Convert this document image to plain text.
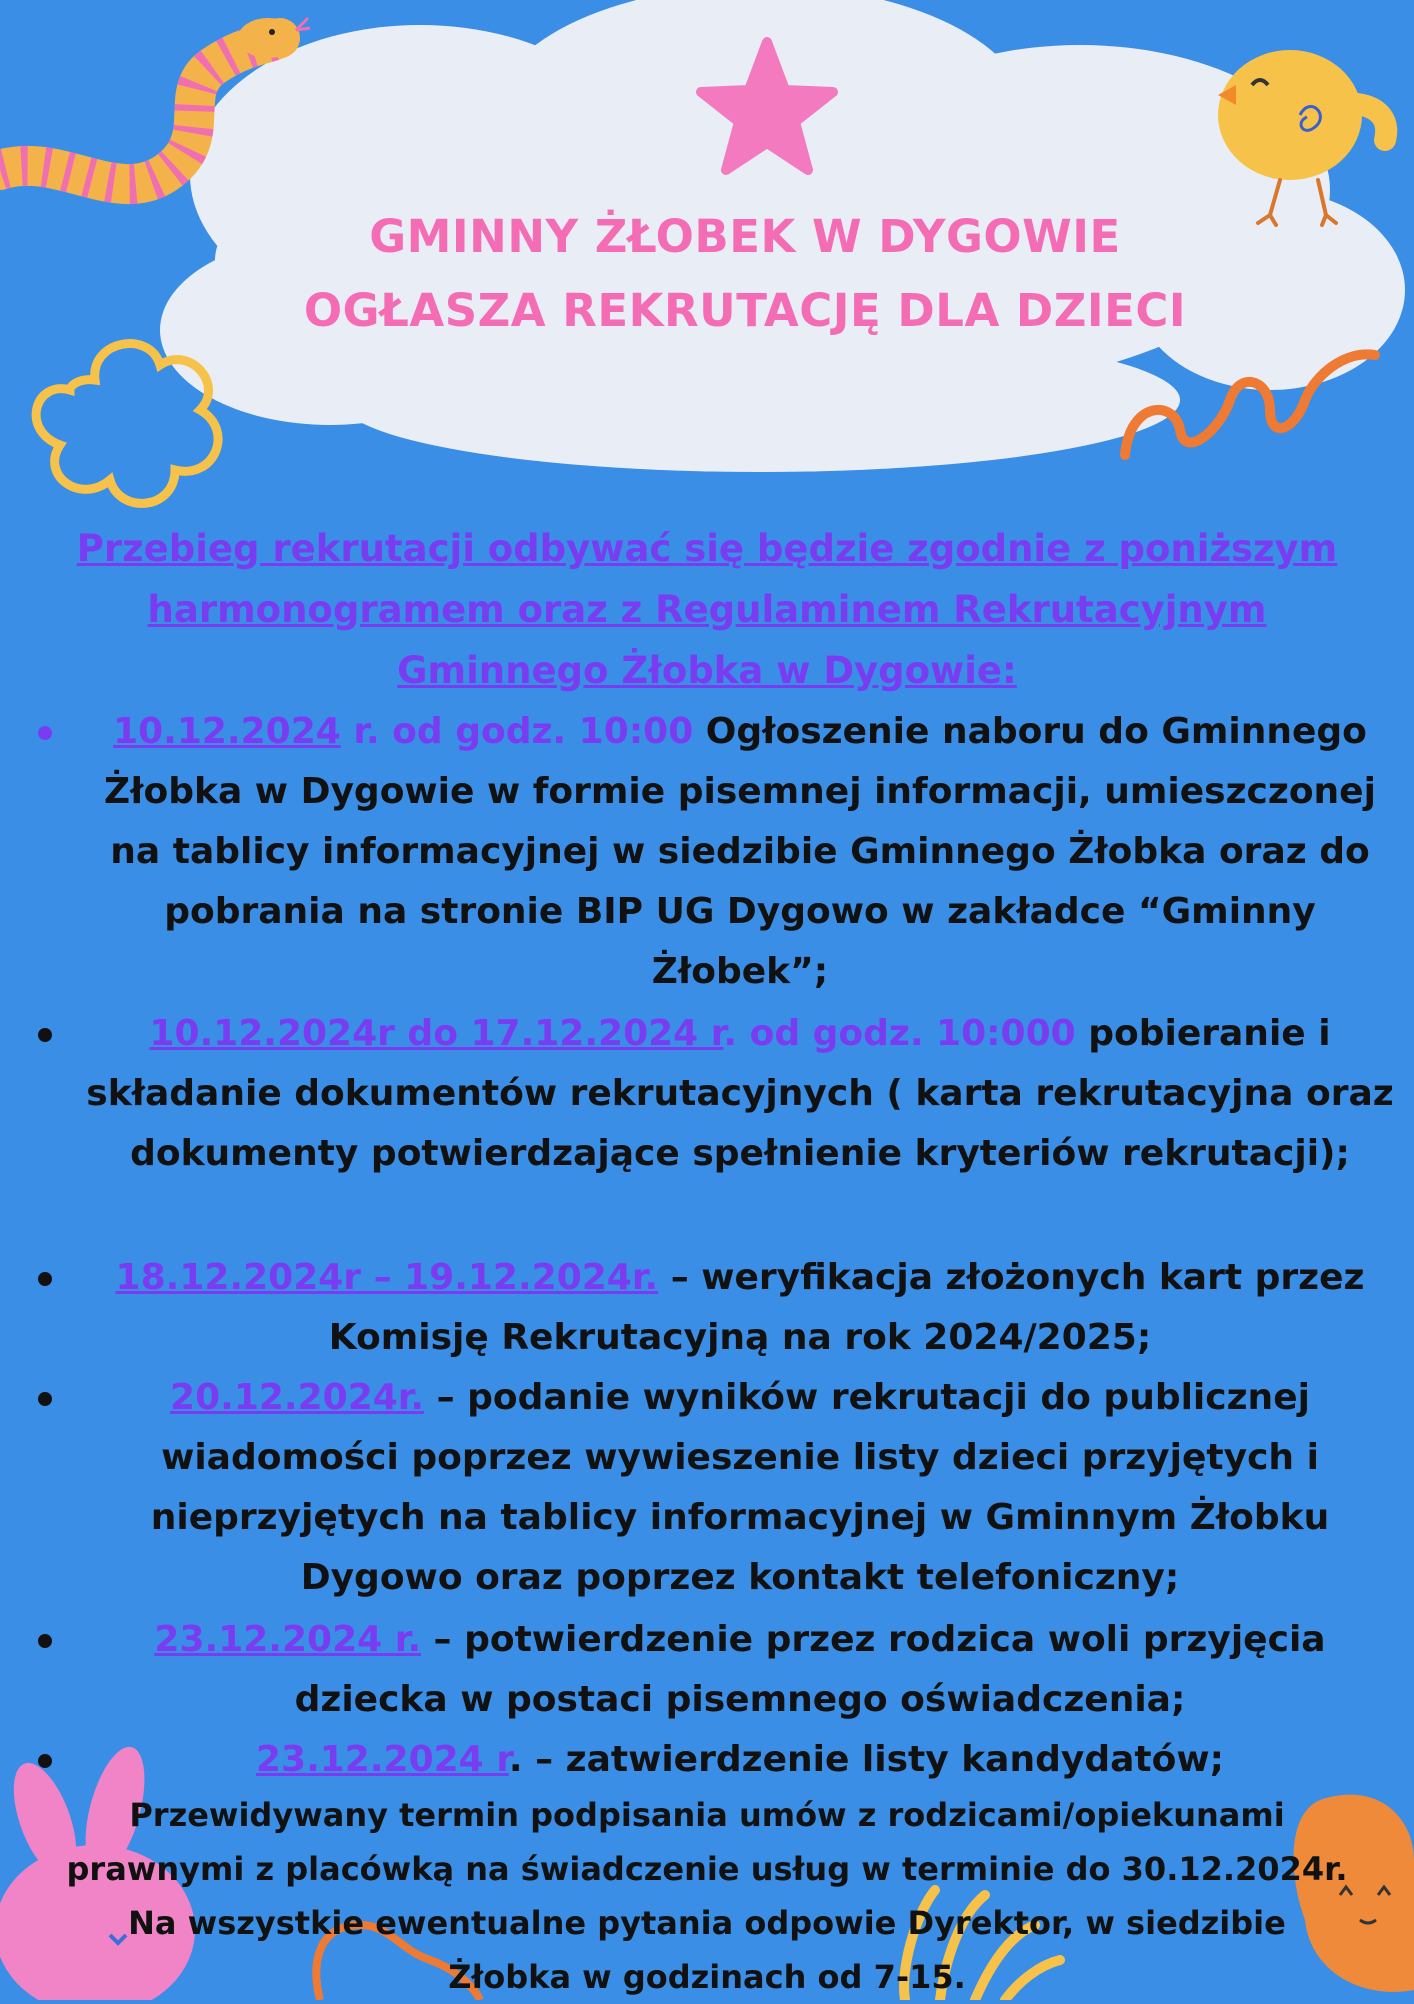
GMINNY ŻŁOBEK W DYGOWIE
OGŁASZA REKRUTACJĘ DLA DZIECI
Przebieg rekrutacji odbywać się będzie zgodnie z poniższym
harmonogramem oraz z Regulaminem Rekrutacyjnym
Gminnego Żłobka w Dygowie:
10.12.2024 r. od godz. 10:00 Ogłoszenie naboru do Gminnego Żłobka w Dygowie w formie pisemnej informacji, umieszczonej na tablicy informacyjnej w siedzibie Gminnego Żłobka oraz do pobrania na stronie BIP UG Dygowo w zakładce “Gminny Żłobek”;
10.12.2024r do 17.12.2024 r. od godz. 10:000 pobieranie i składanie dokumentów rekrutacyjnych ( karta rekrutacyjna oraz dokumenty potwierdzające spełnienie kryteriów rekrutacji);
18.12.2024r – 19.12.2024r. – weryfikacja złożonych kart przez Komisję Rekrutacyjną na rok 2024/2025;
20.12.2024r. – podanie wyników rekrutacji do publicznej wiadomości poprzez wywieszenie listy dzieci przyjętych i nieprzyjętych na tablicy informacyjnej w Gminnym Żłobku Dygowo oraz poprzez kontakt telefoniczny;
23.12.2024 r. – potwierdzenie przez rodzica woli przyjęcia dziecka w postaci pisemnego oświadczenia;
23.12.2024 r. – zatwierdzenie listy kandydatów;
Przewidywany termin podpisania umów z rodzicami/opiekunami
prawnymi z placówką na świadczenie usług w terminie do 30.12.2024r.
Na wszystkie ewentualne pytania odpowie Dyrektor, w siedzibie
Żłobka w godzinach od 7-15.
